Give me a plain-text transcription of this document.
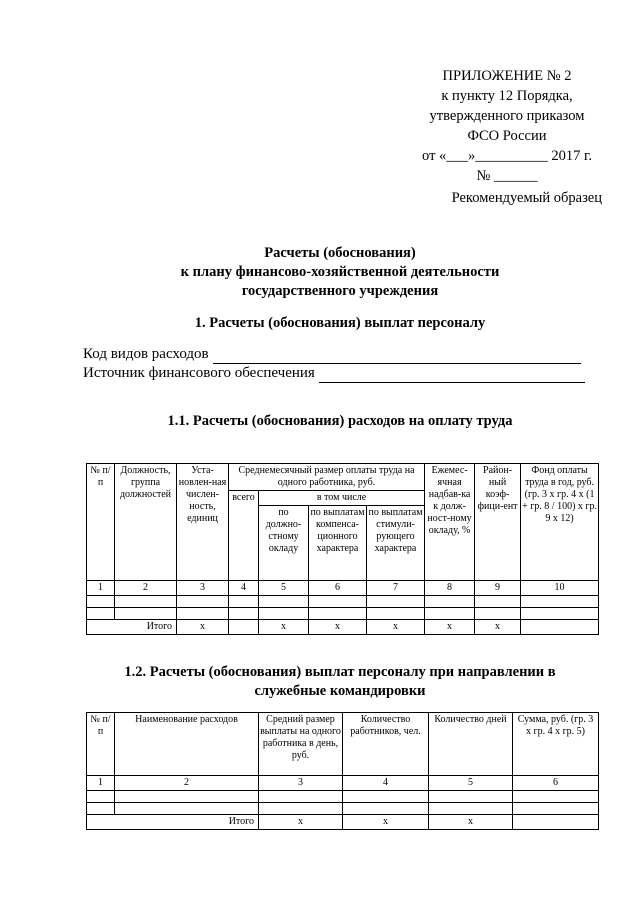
ПРИЛОЖЕНИЕ № 2
к пункту 12 Порядка,
утвержденного приказом
ФСО России
от «___»__________ 2017 г.
№ ______
Рекомендуемый образец
Расчеты (обоснования)
к плану финансово-хозяйственной деятельности
государственного учреждения
1. Расчеты (обоснования) выплат персоналу
Код видов расходов
Источник финансового обеспечения
1.1. Расчеты (обоснования) расходов на оплату труда
№ п/п	Должность, группа должностей	Уста-новлен-ная числен-ность, единиц	Среднемесячный размер оплаты труда на одного работника, руб.				Ежемес-ячная надбав-ка к долж-ност-ному окладу, %	Район-ный коэф-фици-ент	Фонд оплаты труда в год, руб. (гр. 3 x гр. 4 x (1 + гр. 8 / 100) x гр. 9 x 12)
			всего	в том числе					
				по должно-стному окладу	по выплатам компенса-ционного характера	по выплатам стимули-рующего характера			
1	2	3	4	5	6	7	8	9	10

Итого		x		x	x	x	x	x	
1.2. Расчеты (обоснования) выплат персоналу при направлении в
служебные командировки
№ п/п	Наименование расходов	Средний размер выплаты на одного работника в день, руб.	Количество работников, чел.	Количество дней	Сумма, руб. (гр. 3 x гр. 4 x гр. 5)
1	2	3	4	5	6

Итого		x	x	x	
